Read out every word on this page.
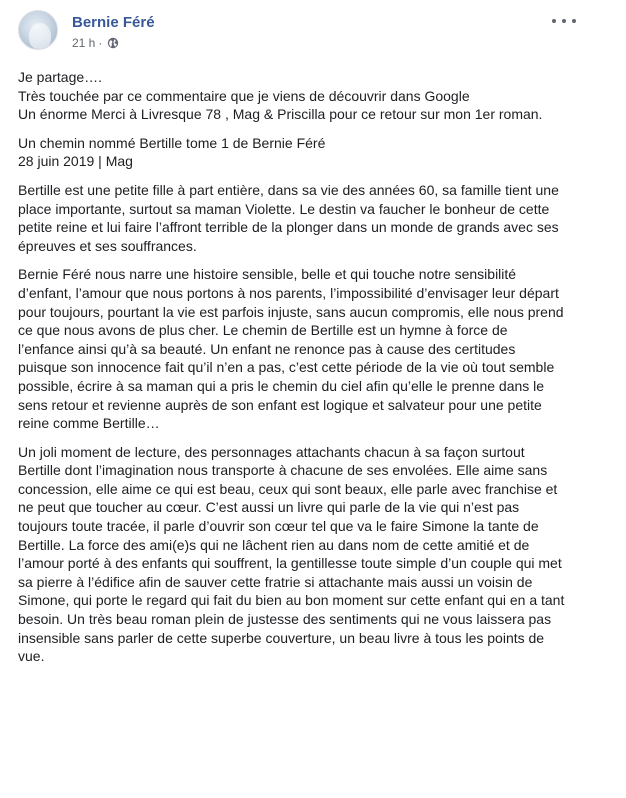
Bernie Féré
21 h ·

Je partage….
Très touchée par ce commentaire que je viens de découvrir dans Google
Un énorme Merci à Livresque 78 , Mag & Priscilla pour ce retour sur mon 1er roman.

Un chemin nommé Bertille tome 1 de Bernie Féré
28 juin 2019 | Mag

Bertille est une petite fille à part entière, dans sa vie des années 60, sa famille tient une place importante, surtout sa maman Violette. Le destin va faucher le bonheur de cette petite reine et lui faire l’affront terrible de la plonger dans un monde de grands avec ses épreuves et ses souffrances.

Bernie Féré nous narre une histoire sensible, belle et qui touche notre sensibilité d’enfant, l’amour que nous portons à nos parents, l’impossibilité d’envisager leur départ pour toujours, pourtant la vie est parfois injuste, sans aucun compromis, elle nous prend ce que nous avons de plus cher. Le chemin de Bertille est un hymne à force de l’enfance ainsi qu’à sa beauté. Un enfant ne renonce pas à cause des certitudes puisque son innocence fait qu’il n’en a pas, c’est cette période de la vie où tout semble possible, écrire à sa maman qui a pris le chemin du ciel afin qu’elle le prenne dans le sens retour et revienne auprès de son enfant est logique et salvateur pour une petite reine comme Bertille…

Un joli moment de lecture, des personnages attachants chacun à sa façon surtout Bertille dont l’imagination nous transporte à chacune de ses envolées. Elle aime sans concession, elle aime ce qui est beau, ceux qui sont beaux, elle parle avec franchise et ne peut que toucher au cœur. C’est aussi un livre qui parle de la vie qui n’est pas toujours toute tracée, il parle d’ouvrir son cœur tel que va le faire Simone la tante de Bertille. La force des ami(e)s qui ne lâchent rien au dans nom de cette amitié et de l’amour porté à des enfants qui souffrent, la gentillesse toute simple d’un couple qui met sa pierre à l’édifice afin de sauver cette fratrie si attachante mais aussi un voisin de Simone, qui porte le regard qui fait du bien au bon moment sur cette enfant qui en a tant besoin. Un très beau roman plein de justesse des sentiments qui ne vous laissera pas insensible sans parler de cette superbe couverture, un beau livre à tous les points de vue.
